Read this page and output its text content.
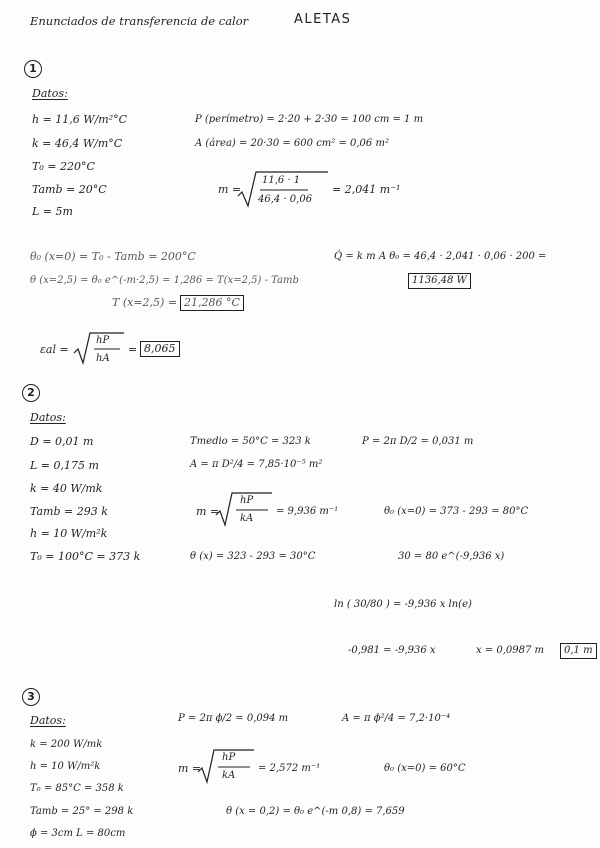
Enunciados de transferencia de calor	ALETAS
1
Datos:
h = 11,6 W/m²°C
k = 46,4 W/m°C
T₀ = 220°C
Tamb = 20°C
L = 5m
P (perímetro) = 2·20 + 2·30 = 100 cm = 1 m
A (área) = 20·30 = 600 cm² = 0,06 m²
m =
11,6 · 1
46,4 · 0,06
= 2,041 m⁻¹
θ₀ (x=0) = T₀ - Tamb = 200°C
θ (x=2,5) = θ₀ e^(-m·2,5) = 1,286 = T(x=2,5) - Tamb
T (x=2,5) = 21,286 °C
Q̇ = k m A θ₀ = 46,4 · 2,041 · 0,06 · 200 =
1136,48 W
εal =
hP
hA
= 8,065
2
Datos:
D = 0,01 m
L = 0,175 m
k = 40 W/mk
Tamb = 293 k
h = 10 W/m²k
T₀ = 100°C = 373 k
Tmedio = 50°C = 323 k	P = 2π D/2 = 0,031 m
A = π D²/4 = 7,85·10⁻⁵ m²
m =
hP
kA
= 9,936 m⁻¹	θ₀ (x=0) = 373 - 293 = 80°C
θ (x) = 323 - 293 = 30°C	30 = 80 e^(-9,936 x)
ln ( 30/80 ) = -9,936 x ln(e)
-0,981 = -9,936 x	x = 0,0987 m	0,1 m
3
Datos:
k = 200 W/mk
h = 10 W/m²k
T₀ = 85°C = 358 k
Tamb = 25° = 298 k
ϕ = 3cm L = 80cm
P = 2π ϕ/2 = 0,094 m	A = π ϕ²/4 = 7,2·10⁻⁴
m =
hP
kA
= 2,572 m⁻¹	θ₀ (x=0) = 60°C
θ (x = 0,2) = θ₀ e^(-m 0,8) = 7,659
